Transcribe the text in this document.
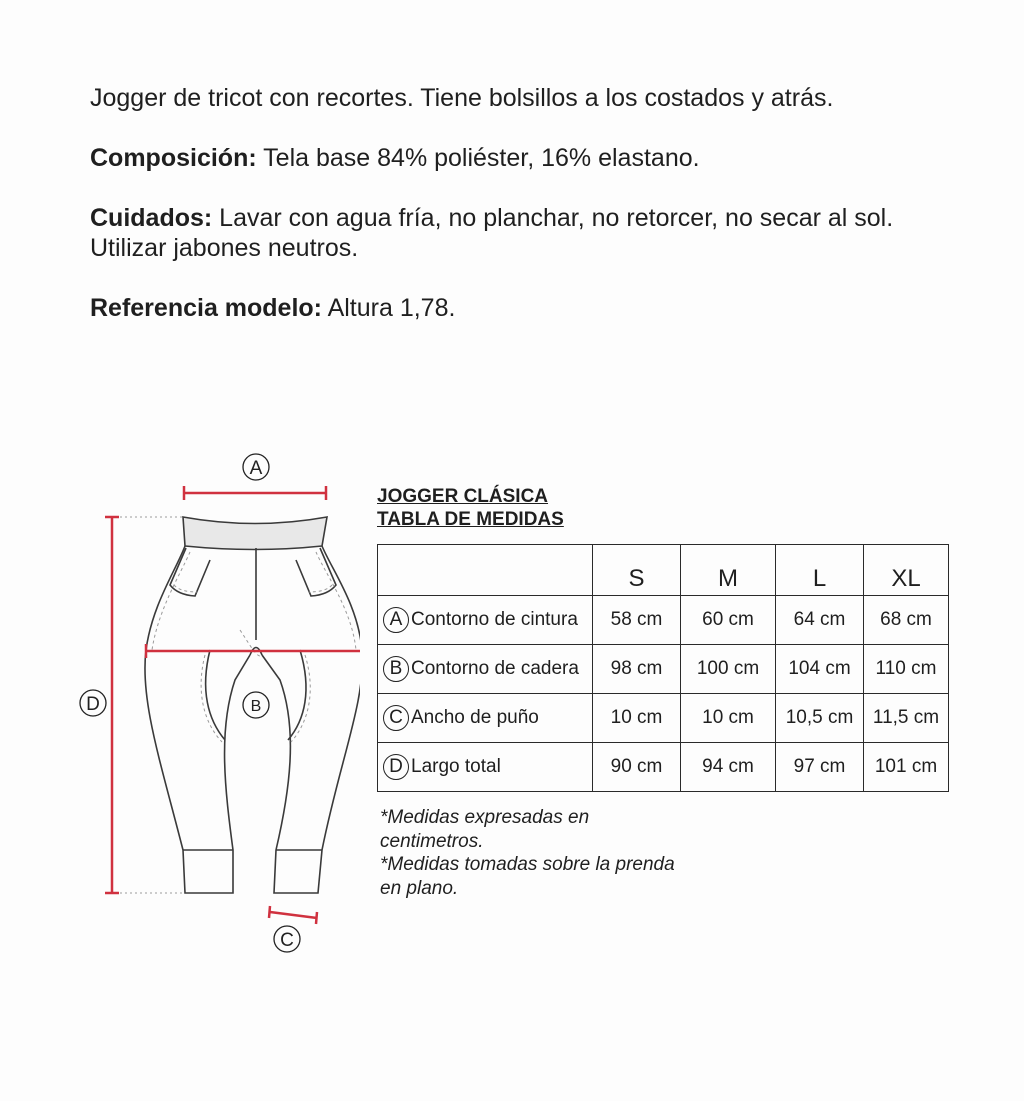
Jogger de tricot con recortes. Tiene bolsillos a los costados y atrás.

Composición: Tela base 84% poliéster, 16% elastano.

Cuidados: Lavar con agua fría, no planchar, no retorcer, no secar al sol. Utilizar jabones neutros.

Referencia modelo: Altura 1,78.

A
B
C
D
JOGGER CLÁSICA
TABLA DE MEDIDAS
	S	M	L	XL

A Contorno de cintura	58 cm	60 cm	64 cm	68 cm

B Contorno de cadera	98 cm	100 cm	104 cm	110 cm

C Ancho de puño	10 cm	10 cm	10,5 cm	11,5 cm

D Largo total	90 cm	94 cm	97 cm	101 cm
*Medidas expresadas en centimetros.
*Medidas tomadas sobre la prenda en plano.
